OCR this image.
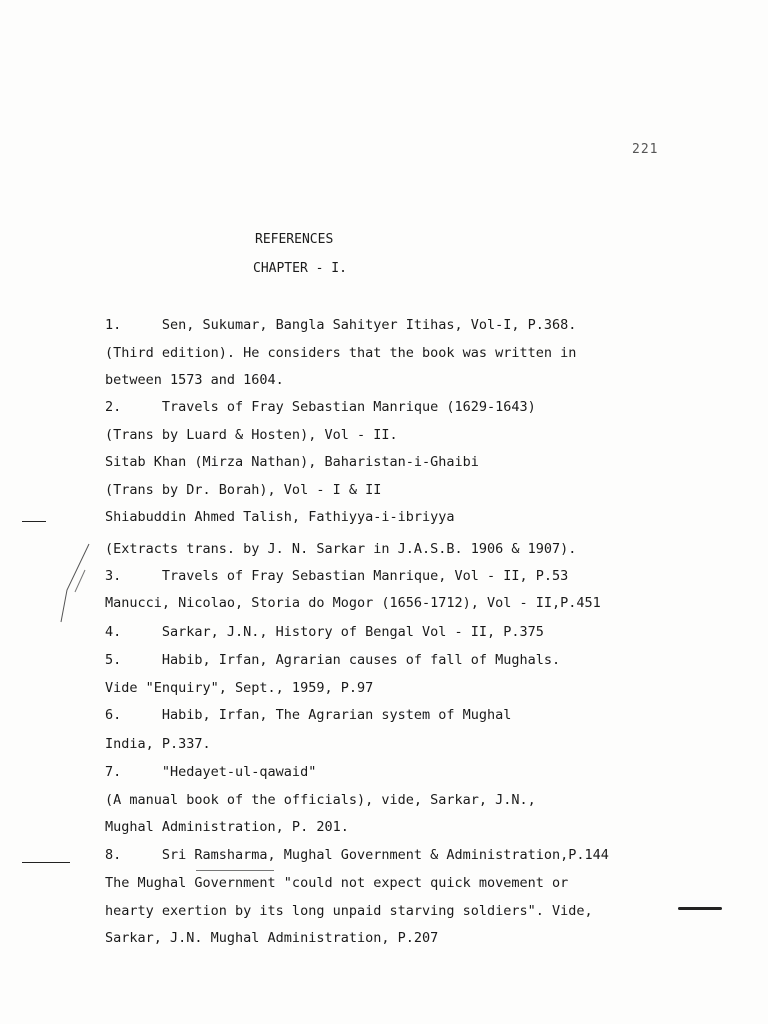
221
REFERENCES
CHAPTER - I.
1.     Sen, Sukumar, Bangla Sahityer Itihas, Vol-I, P.368.
(Third edition). He considers that the book was written in
between 1573 and 1604.
2.     Travels of Fray Sebastian Manrique (1629-1643)
(Trans by Luard & Hosten), Vol - II.
Sitab Khan (Mirza Nathan), Baharistan-i-Ghaibi
(Trans by Dr. Borah), Vol - I & II
Shiabuddin Ahmed Talish, Fathiyya-i-ibriyya
(Extracts trans. by J. N. Sarkar in J.A.S.B. 1906 & 1907).
3.     Travels of Fray Sebastian Manrique, Vol - II, P.53
Manucci, Nicolao, Storia do Mogor (1656-1712), Vol - II,P.451
4.     Sarkar, J.N., History of Bengal Vol - II, P.375
5.     Habib, Irfan, Agrarian causes of fall of Mughals.
Vide "Enquiry", Sept., 1959, P.97
6.     Habib, Irfan, The Agrarian system of Mughal
India, P.337.
7.     "Hedayet-ul-qawaid"
(A manual book of the officials), vide, Sarkar, J.N.,
Mughal Administration, P. 201.
8.     Sri Ramsharma, Mughal Government & Administration,P.144
The Mughal Government "could not expect quick movement or
hearty exertion by its long unpaid starving soldiers". Vide,
Sarkar, J.N. Mughal Administration, P.207
